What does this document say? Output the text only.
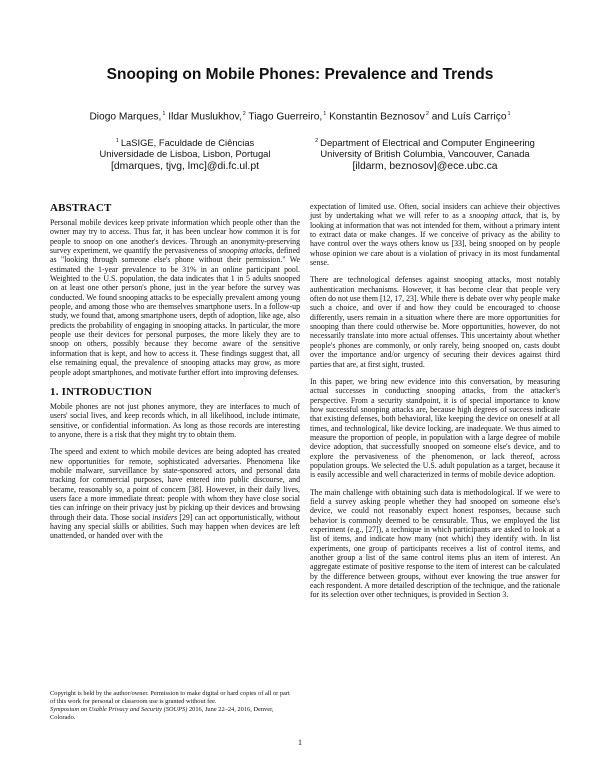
Snooping on Mobile Phones: Prevalence and Trends
Diogo Marques,$^1$ Ildar Muslukhov,$^2$ Tiago Guerreiro,$^1$ Konstantin Beznosov$^2$ and Luís Carriço$^1$
$^1$ LaSIGE, Faculdade de Ciências
Universidade de Lisboa, Lisbon, Portugal
[dmarques, tjvg, lmc]@di.fc.ul.pt
$^2$ Department of Electrical and Computer Engineering
University of British Columbia, Vancouver, Canada
[ildarm, beznosov]@ece.ubc.ca
ABSTRACT

Personal mobile devices keep private information which people other than the owner may try to access. Thus far, it has been unclear how common it is for people to snoop on one another's devices. Through an anonymity-preserving survey experiment, we quantify the pervasiveness of snooping attacks, defined as "looking through someone else's phone without their permission." We estimated the 1-year prevalence to be 31% in an online participant pool. Weighted to the U.S. population, the data indicates that 1 in 5 adults snooped on at least one other person's phone, just in the year before the survey was conducted. We found snooping attacks to be especially prevalent among young people, and among those who are themselves smartphone users. In a follow-up study, we found that, among smartphone users, depth of adoption, like age, also predicts the probability of engaging in snooping attacks. In particular, the more people use their devices for personal purposes, the more likely they are to snoop on others, possibly because they become aware of the sensitive information that is kept, and how to access it. These findings suggest that, all else remaining equal, the prevalence of snooping attacks may grow, as more people adopt smartphones, and motivate further effort into improving defenses.

1. INTRODUCTION

Mobile phones are not just phones anymore, they are interfaces to much of users' social lives, and keep records which, in all likelihood, include intimate, sensitive, or confidential information. As long as those records are interesting to anyone, there is a risk that they might try to obtain them.

The speed and extent to which mobile devices are being adopted has created new opportunities for remote, sophisticated adversaries. Phenomena like mobile malware, surveillance by state-sponsored actors, and personal data tracking for commercial purposes, have entered into public discourse, and became, reasonably so, a point of concern [38]. However, in their daily lives, users face a more immediate threat: people with whom they have close social ties can infringe on their privacy just by picking up their devices and browsing through their data. Those social insiders [29] can act opportunistically, without having any special skills or abilities. Such may happen when devices are left unattended, or handed over with the

Copyright is held by the author/owner. Permission to make digital or hard copies of all or part of this work for personal or classroom use is granted without fee.

Symposium on Usable Privacy and Security (SOUPS) 2016, June 22–24, 2016, Denver, Colorado.

expectation of limited use. Often, social insiders can achieve their objectives just by undertaking what we will refer to as a snooping attack, that is, by looking at information that was not intended for them, without a primary intent to extract data or make changes. If we conceive of privacy as the ability to have control over the ways others know us [33], being snooped on by people whose opinion we care about is a violation of privacy in its most fundamental sense.

There are technological defenses against snooping attacks, most notably authentication mechanisms. However, it has become clear that people very often do not use them [12, 17, 23]. While there is debate over why people make such a choice, and over if and how they could be encouraged to choose differently, users remain in a situation where there are more opportunities for snooping than there could otherwise be. More opportunities, however, do not necessarily translate into more actual offenses. This uncertainty about whether people's phones are commonly, or only rarely, being snooped on, casts doubt over the importance and/or urgency of securing their devices against third parties that are, at first sight, trusted.

In this paper, we bring new evidence into this conversation, by measuring actual successes in conducting snooping attacks, from the attacker's perspective. From a security standpoint, it is of special importance to know how successful snooping attacks are, because high degrees of success indicate that existing defenses, both behavioral, like keeping the device on oneself at all times, and technological, like device locking, are inadequate. We thus aimed to measure the proportion of people, in population with a large degree of mobile device adoption, that successfully snooped on someone else's device, and to explore the pervasiveness of the phenomenon, or lack thereof, across population groups. We selected the U.S. adult population as a target, because it is easily accessible and well characterized in terms of mobile device adoption.

The main challenge with obtaining such data is methodological. If we were to field a survey asking people whether they had snooped on someone else's device, we could not reasonably expect honest responses, because such behavior is commonly deemed to be censurable. Thus, we employed the list experiment (e.g., [27]), a technique in which participants are asked to look at a list of items, and indicate how many (not which) they identify with. In list experiments, one group of participants receives a list of control items, and another group a list of the same control items plus an item of interest. An aggregate estimate of positive response to the item of interest can be calculated by the difference between groups, without ever knowing the true answer for each respondent. A more detailed description of the technique, and the rationale for its selection over other techniques, is provided in Section 3.

1
